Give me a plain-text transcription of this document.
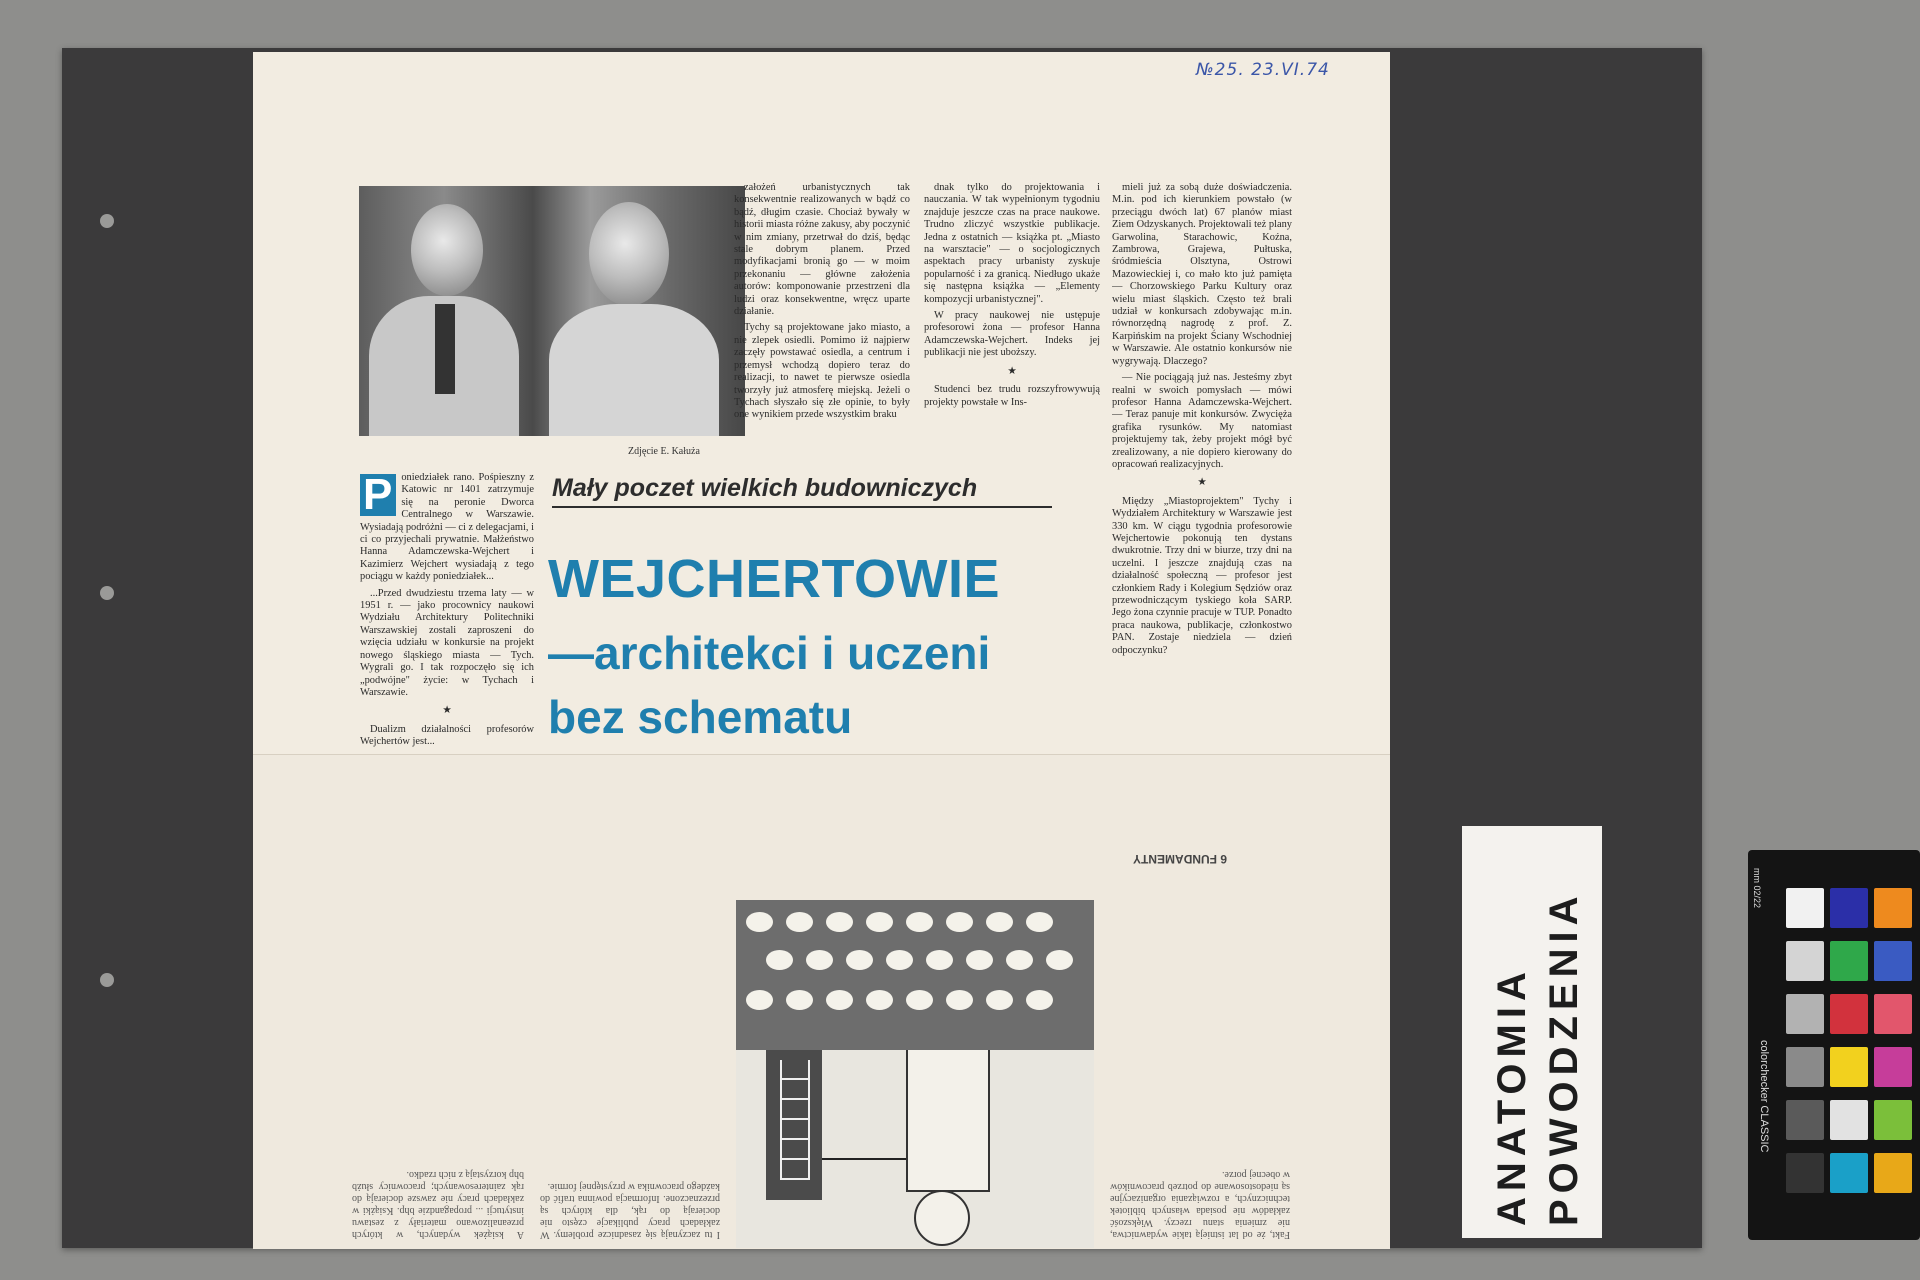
№25. 23.VI.74
Zdjęcie E. Kałuża

założeń urbanistycznych tak konsekwentnie realizowanych w bądź co bądź, długim czasie. Chociaż bywały w historii miasta różne zakusy, aby poczynić w nim zmiany, przetrwał do dziś, będąc stale dobrym planem. Przed modyfikacjami bronią go — w moim przekonaniu — główne założenia autorów: komponowanie przestrzeni dla ludzi oraz konsekwentne, wręcz uparte działanie.

Tychy są projektowane jako miasto, a nie zlepek osiedli. Pomimo iż najpierw zaczęły powstawać osiedla, a centrum i przemysł wchodzą dopiero teraz do realizacji, to nawet te pierwsze osiedla tworzyły już atmosferę miejską. Jeżeli o Tychach słyszało się złe opinie, to były one wynikiem przede wszystkim braku

dnak tylko do projektowania i nauczania. W tak wypełnionym tygodniu znajduje jeszcze czas na prace naukowe. Trudno zliczyć wszystkie publikacje. Jedna z ostatnich — książka pt. „Miasto na warsztacie" — o socjologicznych aspektach pracy urbanisty zyskuje popularność i za granicą. Niedługo ukaże się następna książka — „Elementy kompozycji urbanistycznej".

W pracy naukowej nie ustępuje profesorowi żona — profesor Hanna Adamczewska-Wejchert. Indeks jej publikacji nie jest uboższy.

★

Studenci bez trudu rozszyfrowywują projekty powstałe w Ins-

mieli już za sobą duże doświadczenia. M.in. pod ich kierunkiem powstało (w przeciągu dwóch lat) 67 planów miast Ziem Odzyskanych. Projektowali też plany Garwolina, Starachowic, Koźna, Zambrowa, Grajewa, Pułtuska, śródmieścia Olsztyna, Ostrowi Mazowieckiej i, co mało kto już pamięta — Chorzowskiego Parku Kultury oraz wielu miast śląskich. Często też brali udział w konkursach zdobywając m.in. równorzędną nagrodę z prof. Z. Karpińskim na projekt Ściany Wschodniej w Warszawie. Ale ostatnio konkursów nie wygrywają. Dlaczego?

— Nie pociągają już nas. Jesteśmy zbyt realni w swoich pomysłach — mówi profesor Hanna Adamczewska-Wejchert. — Teraz panuje mit konkursów. Zwycięża grafika rysunków. My natomiast projektujemy tak, żeby projekt mógł być zrealizowany, a nie dopiero kierowany do opracowań realizacyjnych.

★

Między „Miastoprojektem" Tychy i Wydziałem Architektury w Warszawie jest 330 km. W ciągu tygodnia profesorowie Wejchertowie pokonują ten dystans dwukrotnie. Trzy dni w biurze, trzy dni na uczelni. I jeszcze znajdują czas na działalność społeczną — profesor jest członkiem Rady i Kolegium Sędziów oraz przewodniczącym tyskiego koła SARP. Jego żona czynnie pracuje w TUP. Ponadto praca naukowa, publikacje, członkostwo PAN. Zostaje niedziela — dzień odpoczynku?

P oniedziałek rano. Pośpieszny z Katowic nr 1401 zatrzymuje się na peronie Dworca Centralnego w Warszawie. Wysiadają podróżni — ci z delegacjami, i ci co przyjechali prywatnie. Małżeństwo Hanna Adamczewska-Wejchert i Kazimierz Wejchert wysiadają z tego pociągu w każdy poniedziałek...

...Przed dwudziestu trzema laty — w 1951 r. — jako procownicy naukowi Wydziału Architektury Politechniki Warszawskiej zostali zaproszeni do wzięcia udziału w konkursie na projekt nowego śląskiego miasta — Tych. Wygrali go. I tak rozpoczęło się ich „podwójne" życie: w Tychach i Warszawie.

★

Dualizm działalności profesorów Wejchertów jest...

Mały poczet wielkich budowniczych
WEJCHERTOWIE
—architekci i uczeni
bez schematu
6 FUNDAMENTY
A książek wydanych, w których przeanalizowano materiały z zestawu instytucji ... propagandzie bhp. Książki w zakładach pracy nie zawsze docierają do rąk zainteresowanych; pracownicy służb bhp korzystają z nich rzadko.
I tu zaczynają się zasadnicze problemy. W zakładach pracy publikacje często nie docierają do rąk, dla których są przeznaczone. Informacja powinna trafić do każdego pracownika w przystępnej formie.
Fakt, że od lat istnieją takie wydawnictwa, nie zmienia stanu rzeczy. Większość zakładów nie posiada własnych bibliotek technicznych, a rozwiązania organizacyjne są niedostosowane do potrzeb pracowników w obecnej porze.	ANATOMIA POWODZENIA
mm 02/22
colorchecker CLASSIC
